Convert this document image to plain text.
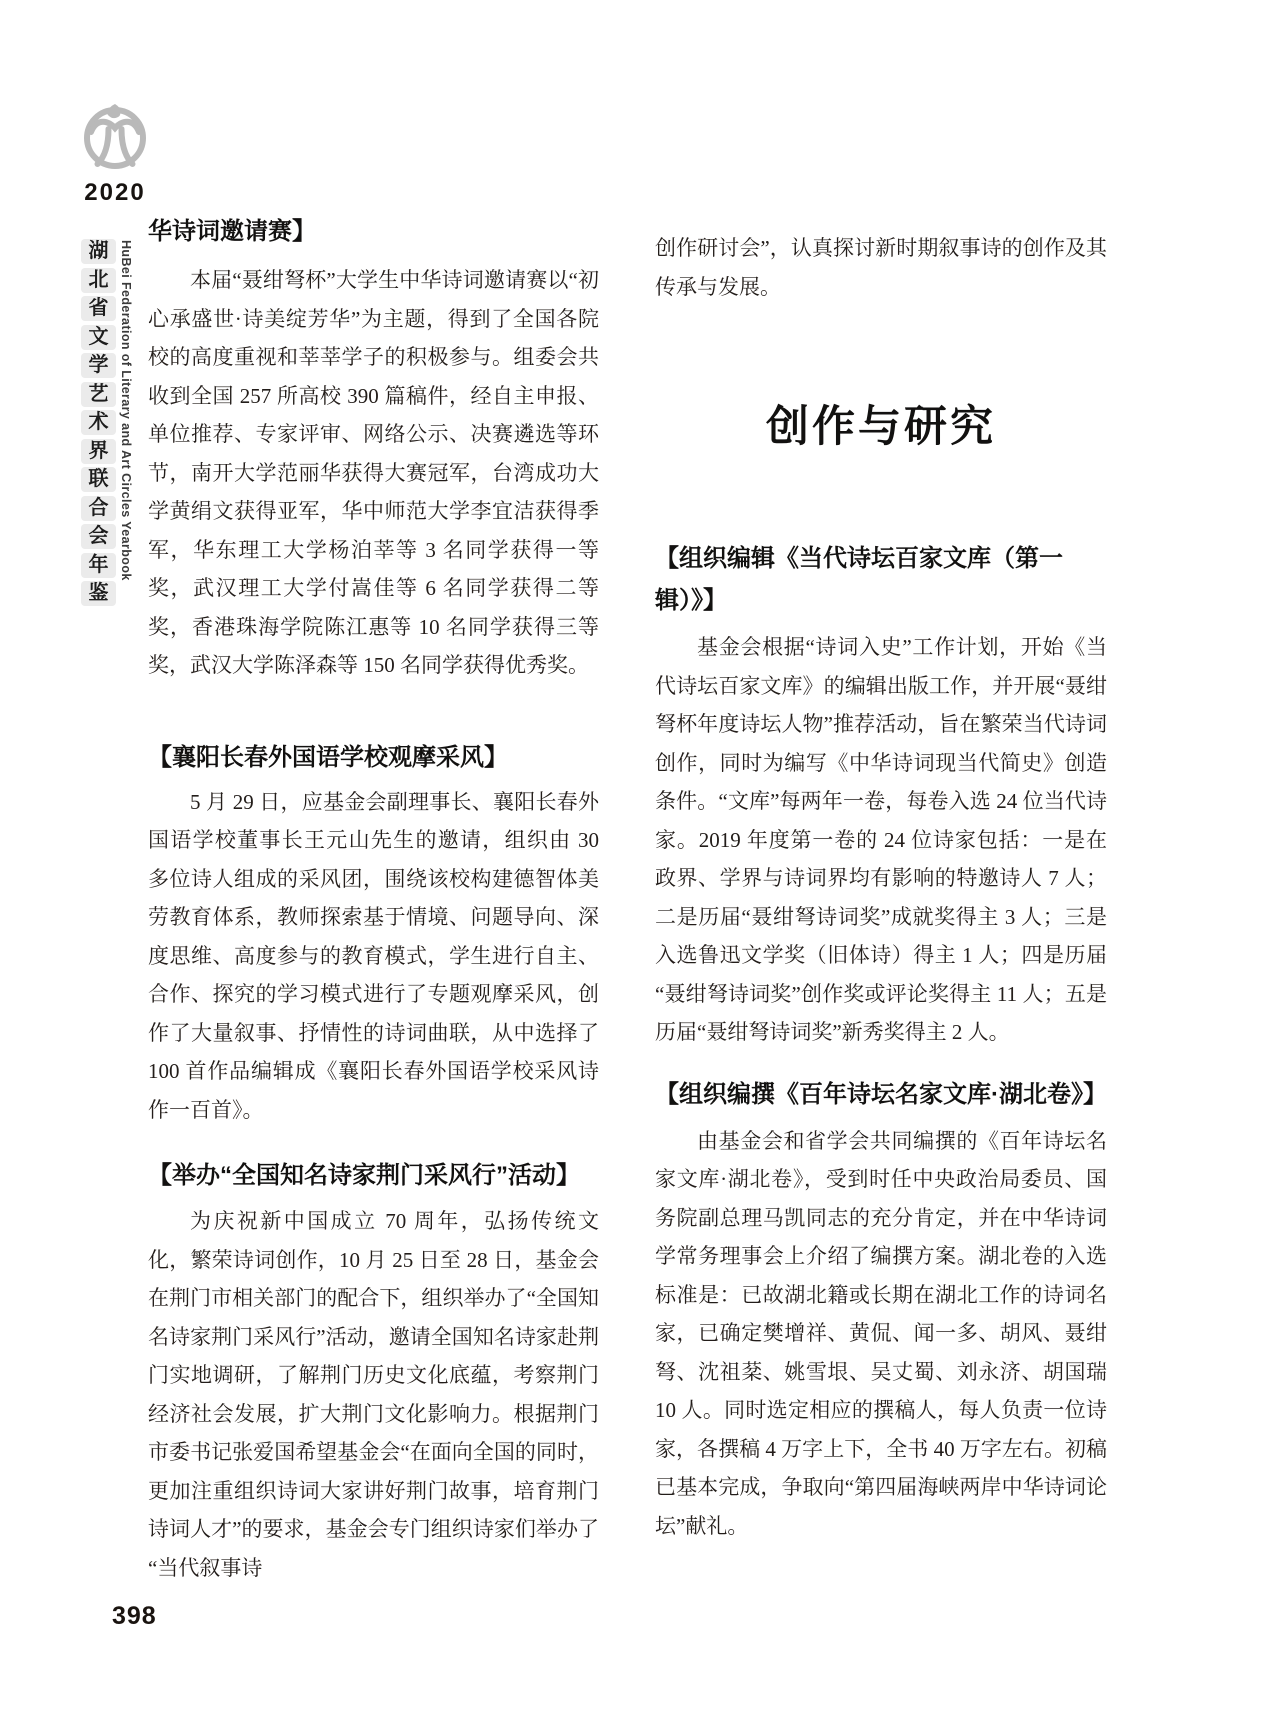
2020
湖
北
省
文
学
艺
术
界
联
合
会
年
鉴
HuBei Federation of Literary and Art Circles Yearbook
华诗词邀请赛】

本届“聂绀弩杯”大学生中华诗词邀请赛以“初心承盛世·诗美绽芳华”为主题，得到了全国各院校的高度重视和莘莘学子的积极参与。组委会共收到全国 257 所高校 390 篇稿件，经自主申报、单位推荐、专家评审、网络公示、决赛遴选等环节，南开大学范丽华获得大赛冠军，台湾成功大学黄绢文获得亚军，华中师范大学李宜洁获得季军，华东理工大学杨泊莘等 3 名同学获得一等奖，武汉理工大学付嵩佳等 6 名同学获得二等奖，香港珠海学院陈江惠等 10 名同学获得三等奖，武汉大学陈泽森等 150 名同学获得优秀奖。

【襄阳长春外国语学校观摩采风】

5 月 29 日，应基金会副理事长、襄阳长春外国语学校董事长王元山先生的邀请，组织由 30 多位诗人组成的采风团，围绕该校构建德智体美劳教育体系，教师探索基于情境、问题导向、深度思维、高度参与的教育模式，学生进行自主、合作、探究的学习模式进行了专题观摩采风，创作了大量叙事、抒情性的诗词曲联，从中选择了 100 首作品编辑成《襄阳长春外国语学校采风诗作一百首》。

【举办“全国知名诗家荆门采风行”活动】

为庆祝新中国成立 70 周年，弘扬传统文化，繁荣诗词创作，10 月 25 日至 28 日，基金会在荆门市相关部门的配合下，组织举办了“全国知名诗家荆门采风行”活动，邀请全国知名诗家赴荆门实地调研，了解荆门历史文化底蕴，考察荆门经济社会发展，扩大荆门文化影响力。根据荆门市委书记张爱国希望基金会“在面向全国的同时，更加注重组织诗词大家讲好荆门故事，培育荆门诗词人才”的要求，基金会专门组织诗家们举办了“当代叙事诗

创作研讨会”，认真探讨新时期叙事诗的创作及其传承与发展。

创作与研究
【组织编辑《当代诗坛百家文库（第一辑）》】

基金会根据“诗词入史”工作计划，开始《当代诗坛百家文库》的编辑出版工作，并开展“聂绀弩杯年度诗坛人物”推荐活动，旨在繁荣当代诗词创作，同时为编写《中华诗词现当代简史》创造条件。“文库”每两年一卷，每卷入选 24 位当代诗家。2019 年度第一卷的 24 位诗家包括：一是在政界、学界与诗词界均有影响的特邀诗人 7 人；二是历届“聂绀弩诗词奖”成就奖得主 3 人；三是入选鲁迅文学奖（旧体诗）得主 1 人；四是历届“聂绀弩诗词奖”创作奖或评论奖得主 11 人；五是历届“聂绀弩诗词奖”新秀奖得主 2 人。

【组织编撰《百年诗坛名家文库·湖北卷》】

由基金会和省学会共同编撰的《百年诗坛名家文库·湖北卷》，受到时任中央政治局委员、国务院副总理马凯同志的充分肯定，并在中华诗词学常务理事会上介绍了编撰方案。湖北卷的入选标准是：已故湖北籍或长期在湖北工作的诗词名家，已确定樊增祥、黄侃、闻一多、胡风、聂绀弩、沈祖棻、姚雪垠、吴丈蜀、刘永济、胡国瑞 10 人。同时选定相应的撰稿人，每人负责一位诗家，各撰稿 4 万字上下，全书 40 万字左右。初稿已基本完成，争取向“第四届海峡两岸中华诗词论坛”献礼。

398
